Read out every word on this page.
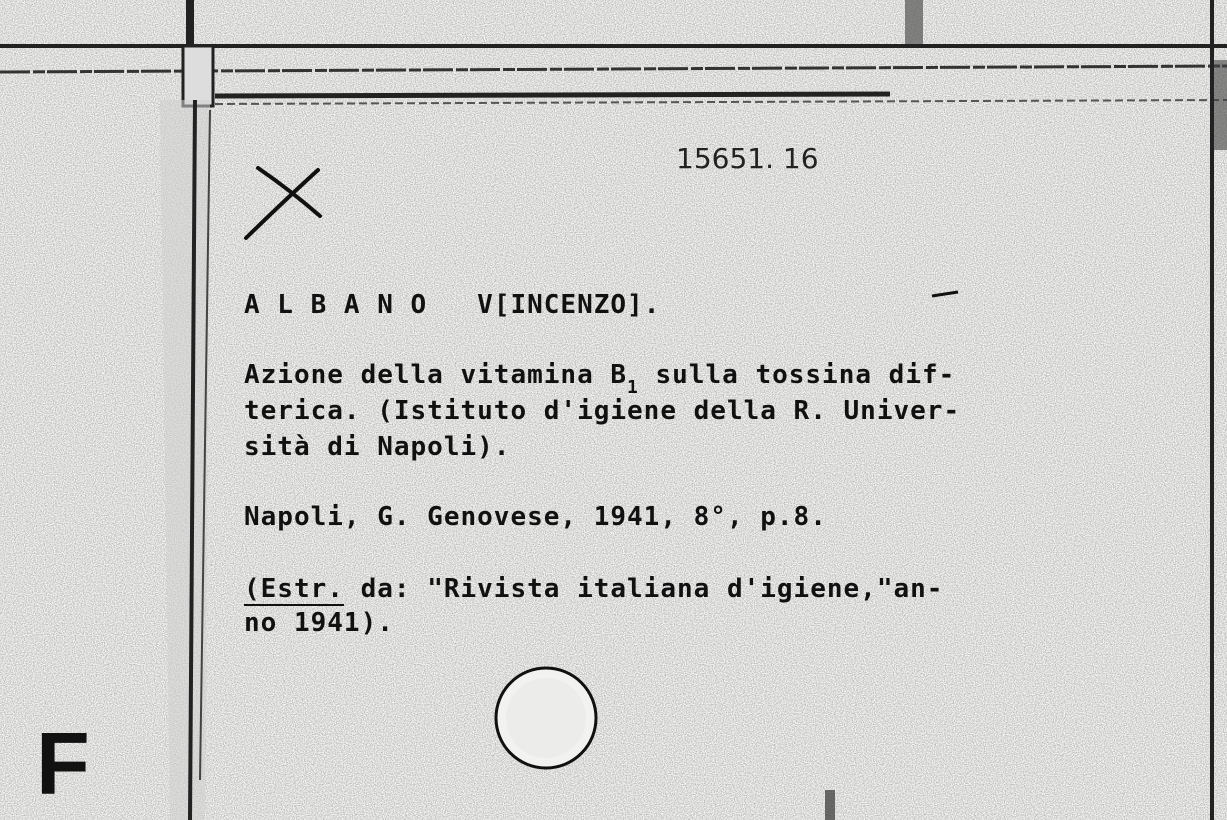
15651. 16
A L B A N O V[INCENZO].
Azione della vitamina $B_1$ sulla tossina dif-
terica. (Istituto d'igiene della R. Univer-
sità di Napoli).
Napoli, G. Genovese, 1941, 8°, p.8.
(Estr. da: "Rivista italiana d'igiene,"an-
no 1941).
F
